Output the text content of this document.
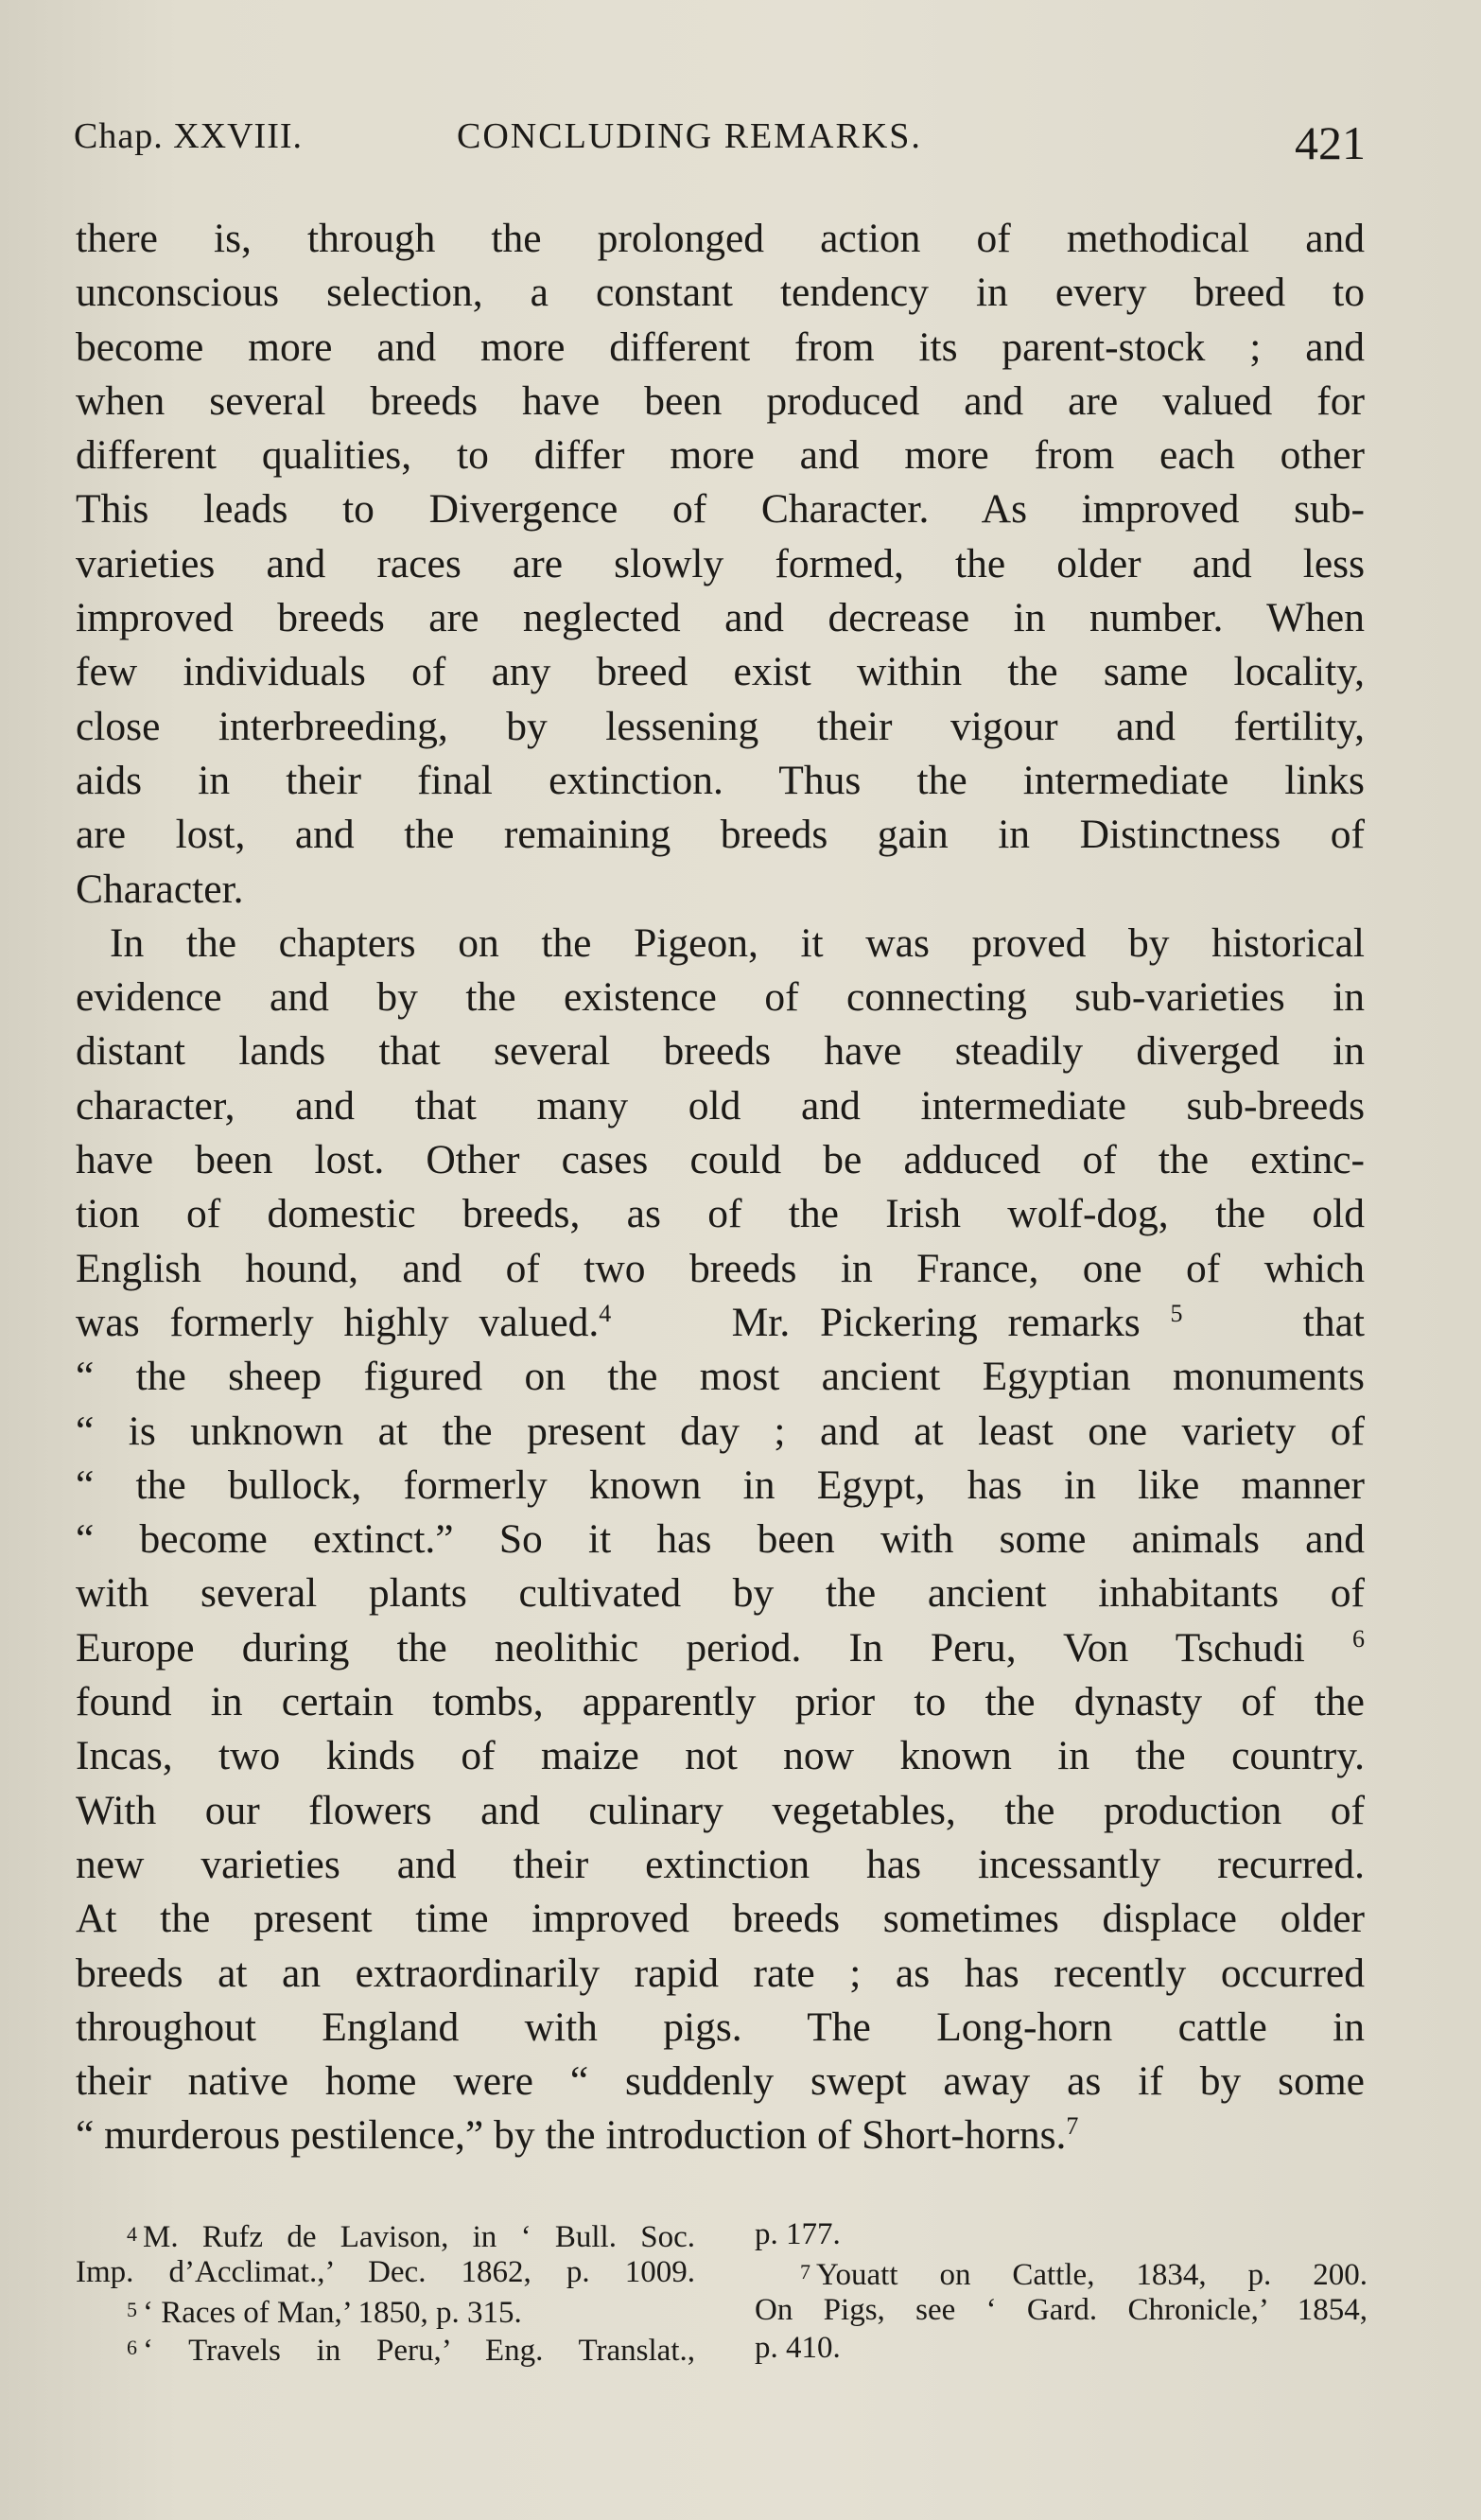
Chap. XXVIII.	CONCLUDING REMARKS.	421
there is, through the prolonged action of methodical and
unconscious selection, a constant tendency in every breed to
become more and more different from its parent-stock ; and
when several breeds have been produced and are valued for
different qualities, to differ more and more from each other
This leads to Divergence of Character. As improved sub-
varieties and races are slowly formed, the older and less
improved breeds are neglected and decrease in number. When
few individuals of any breed exist within the same locality,
close interbreeding, by lessening their vigour and fertility,
aids in their final extinction. Thus the intermediate links
are lost, and the remaining breeds gain in Distinctness of
Character.
In the chapters on the Pigeon, it was proved by historical
evidence and by the existence of connecting sub-varieties in
distant lands that several breeds have steadily diverged in
character, and that many old and intermediate sub-breeds
have been lost. Other cases could be adduced of the extinc-
tion of domestic breeds, as of the Irish wolf-dog, the old
English hound, and of two breeds in France, one of which
was formerly highly valued.$^4$	Mr. Pickering remarks $^5$	that
“ the sheep figured on the most ancient Egyptian monuments
“ is unknown at the present day ; and at least one variety of
“ the bullock, formerly known in Egypt, has in like manner
“ become extinct.” So it has been with some animals and
with several plants cultivated by the ancient inhabitants of
Europe during the neolithic period. In Peru, Von Tschudi $^6$
found in certain tombs, apparently prior to the dynasty of the
Incas, two kinds of maize not now known in the country.
With our flowers and culinary vegetables, the production of
new varieties and their extinction has incessantly recurred.
At the present time improved breeds sometimes displace older
breeds at an extraordinarily rapid rate ; as has recently occurred
throughout England with pigs. The Long-horn cattle in
their native home were “ suddenly swept away as if by some
“ murderous pestilence,” by the introduction of Short-horns.$^7$
4 M. Rufz de Lavison, in ‘ Bull. Soc.
Imp. d’Acclimat.,’ Dec. 1862, p. 1009.
5 ‘ Races of Man,’ 1850, p. 315.
6 ‘ Travels in Peru,’ Eng. Translat.,
p. 177.
7 Youatt on Cattle, 1834, p. 200.
On Pigs, see ‘ Gard. Chronicle,’ 1854,
p. 410.
